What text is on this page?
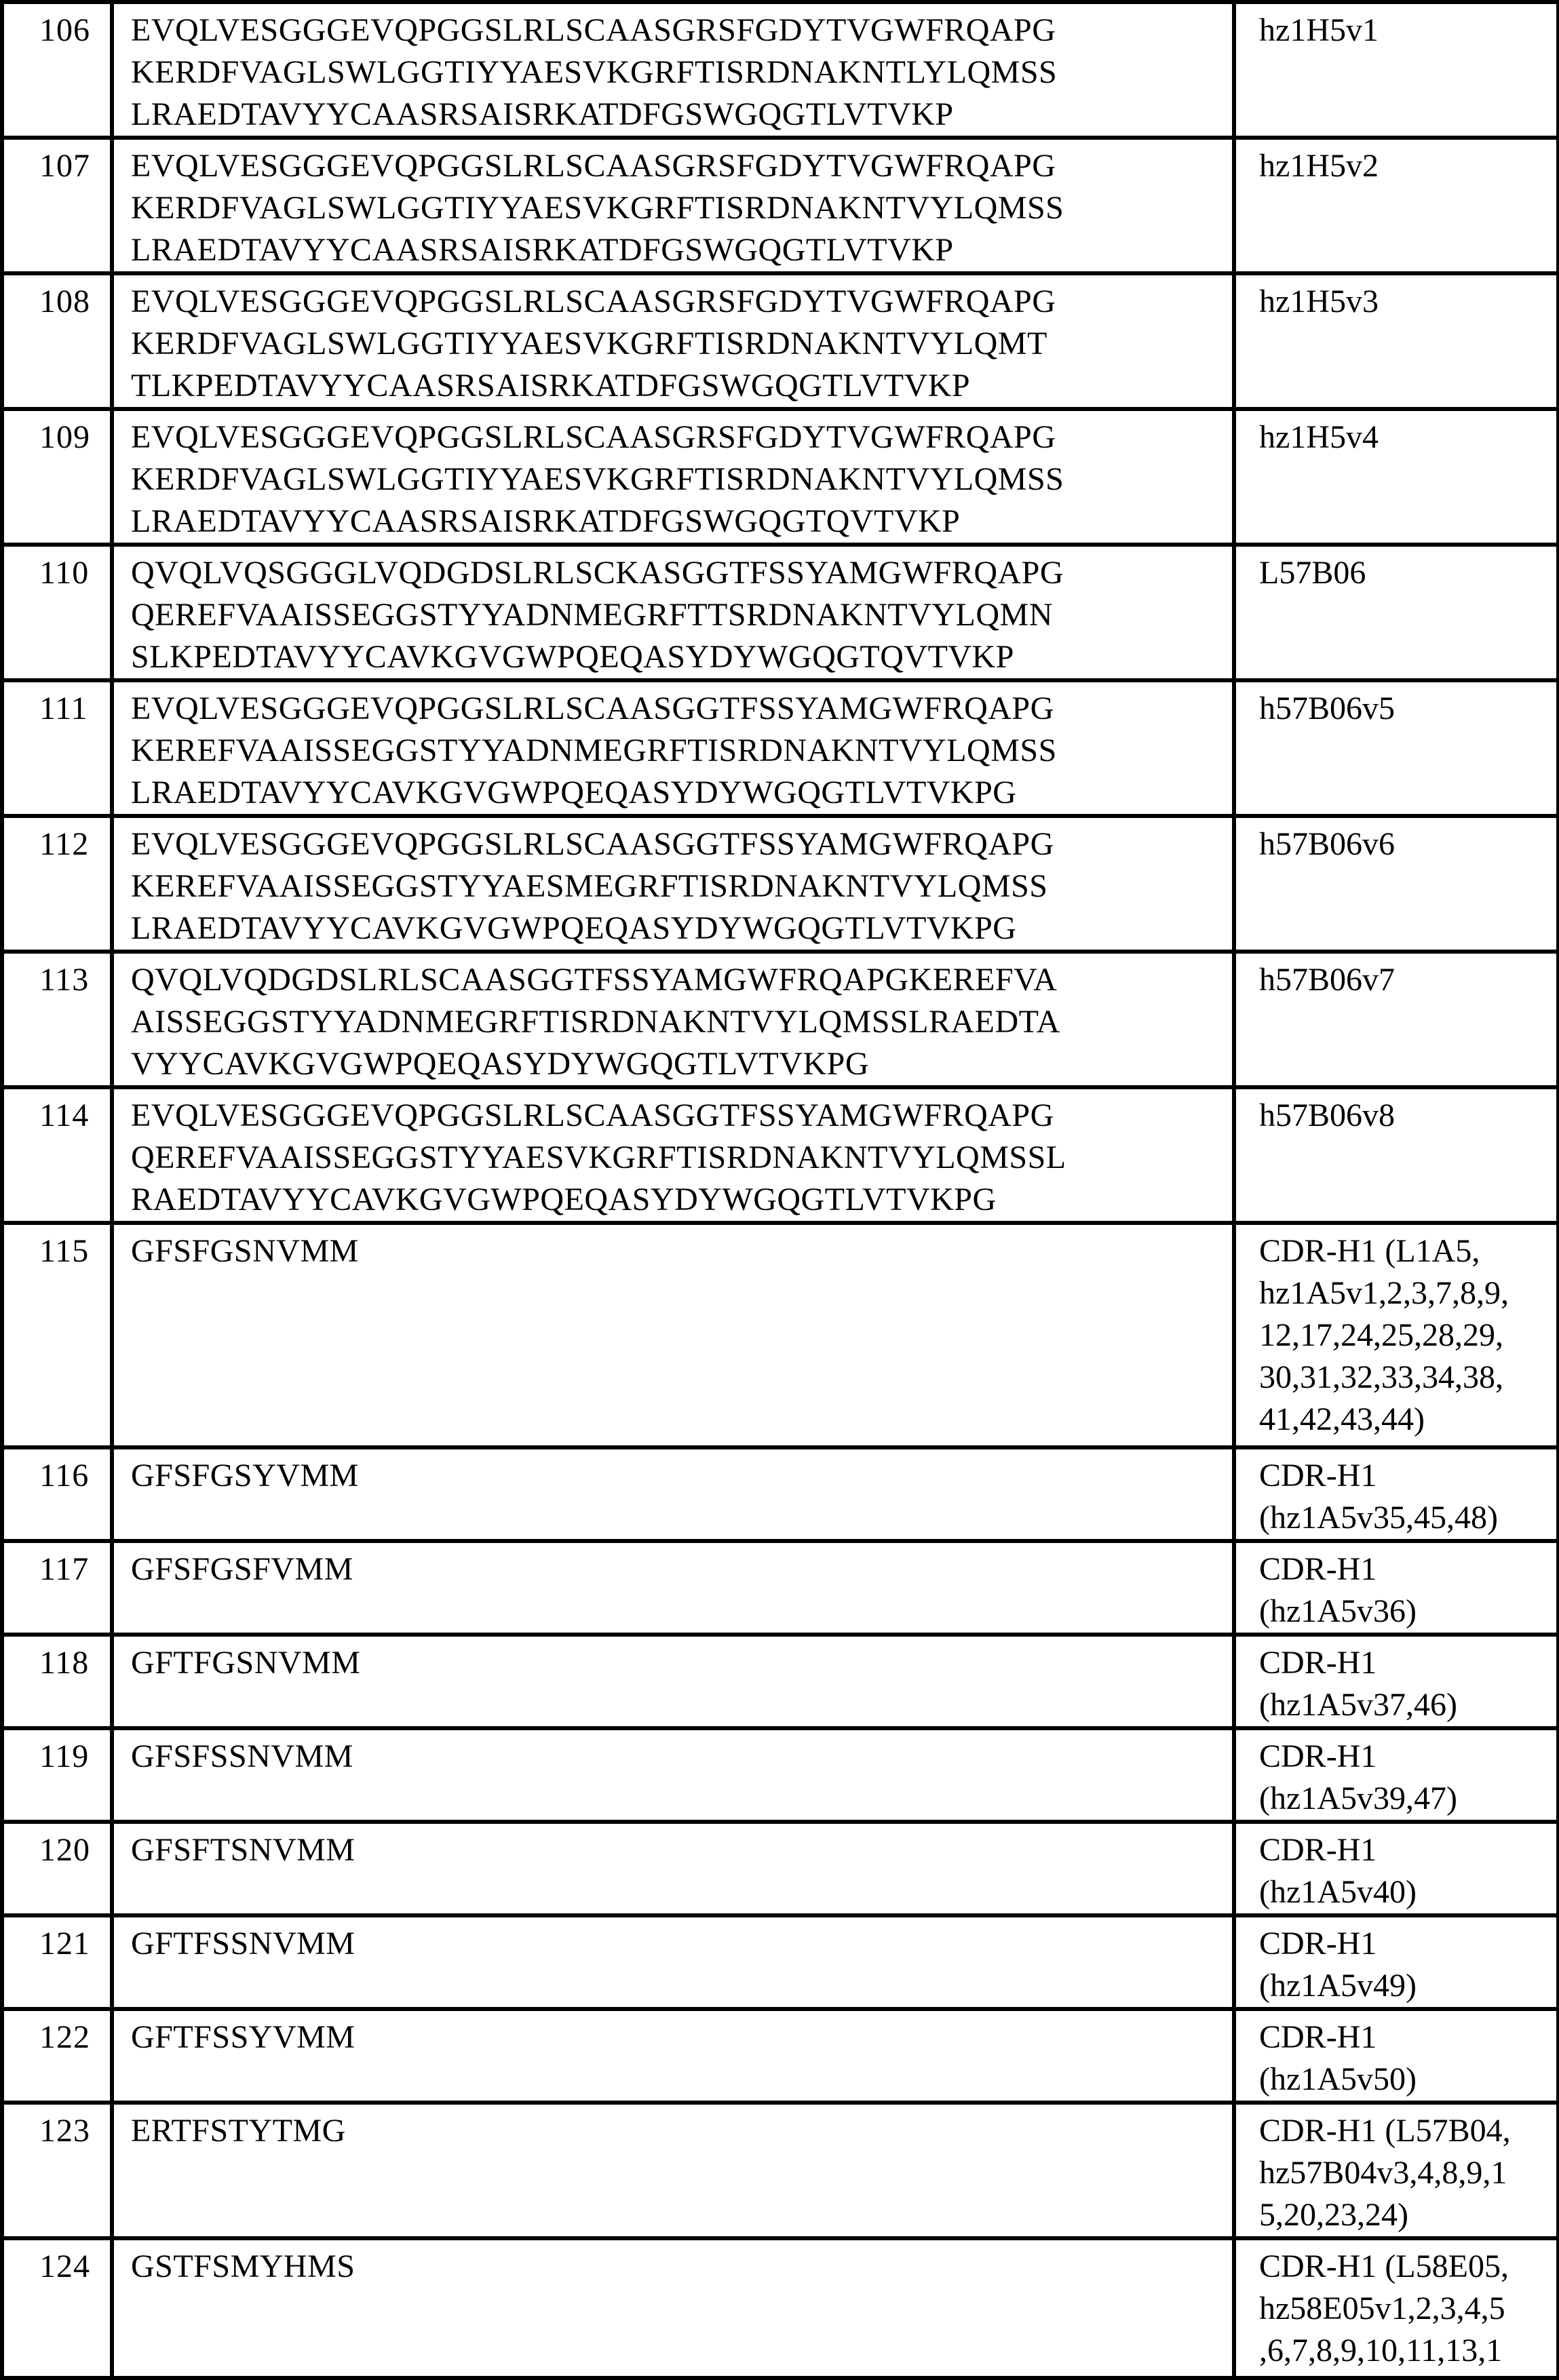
106	EVQLVESGGGEVQPGGSLRLSCAASGRSFGDYTVGWFRQAPG
KERDFVAGLSWLGGTIYYAESVKGRFTISRDNAKNTLYLQMSS
LRAEDTAVYYCAASRSAISRKATDFGSWGQGTLVTVKP	hz1H5v1
107	EVQLVESGGGEVQPGGSLRLSCAASGRSFGDYTVGWFRQAPG
KERDFVAGLSWLGGTIYYAESVKGRFTISRDNAKNTVYLQMSS
LRAEDTAVYYCAASRSAISRKATDFGSWGQGTLVTVKP	hz1H5v2
108	EVQLVESGGGEVQPGGSLRLSCAASGRSFGDYTVGWFRQAPG
KERDFVAGLSWLGGTIYYAESVKGRFTISRDNAKNTVYLQMT
TLKPEDTAVYYCAASRSAISRKATDFGSWGQGTLVTVKP	hz1H5v3
109	EVQLVESGGGEVQPGGSLRLSCAASGRSFGDYTVGWFRQAPG
KERDFVAGLSWLGGTIYYAESVKGRFTISRDNAKNTVYLQMSS
LRAEDTAVYYCAASRSAISRKATDFGSWGQGTQVTVKP	hz1H5v4
110	QVQLVQSGGGLVQDGDSLRLSCKASGGTFSSYAMGWFRQAPG
QEREFVAAISSEGGSTYYADNMEGRFTTSRDNAKNTVYLQMN
SLKPEDTAVYYCAVKGVGWPQEQASYDYWGQGTQVTVKP	L57B06
111	EVQLVESGGGEVQPGGSLRLSCAASGGTFSSYAMGWFRQAPG
KEREFVAAISSEGGSTYYADNMEGRFTISRDNAKNTVYLQMSS
LRAEDTAVYYCAVKGVGWPQEQASYDYWGQGTLVTVKPG	h57B06v5
112	EVQLVESGGGEVQPGGSLRLSCAASGGTFSSYAMGWFRQAPG
KEREFVAAISSEGGSTYYAESMEGRFTISRDNAKNTVYLQMSS
LRAEDTAVYYCAVKGVGWPQEQASYDYWGQGTLVTVKPG	h57B06v6
113	QVQLVQDGDSLRLSCAASGGTFSSYAMGWFRQAPGKEREFVA
AISSEGGSTYYADNMEGRFTISRDNAKNTVYLQMSSLRAEDTA
VYYCAVKGVGWPQEQASYDYWGQGTLVTVKPG	h57B06v7
114	EVQLVESGGGEVQPGGSLRLSCAASGGTFSSYAMGWFRQAPG
QEREFVAAISSEGGSTYYAESVKGRFTISRDNAKNTVYLQMSSL
RAEDTAVYYCAVKGVGWPQEQASYDYWGQGTLVTVKPG	h57B06v8
115	GFSFGSNVMM	CDR-H1 (L1A5,
hz1A5v1,2,3,7,8,9,
12,17,24,25,28,29,
30,31,32,33,34,38,
41,42,43,44)
116	GFSFGSYVMM	CDR-H1
(hz1A5v35,45,48)
117	GFSFGSFVMM	CDR-H1
(hz1A5v36)
118	GFTFGSNVMM	CDR-H1
(hz1A5v37,46)
119	GFSFSSNVMM	CDR-H1
(hz1A5v39,47)
120	GFSFTSNVMM	CDR-H1
(hz1A5v40)
121	GFTFSSNVMM	CDR-H1
(hz1A5v49)
122	GFTFSSYVMM	CDR-H1
(hz1A5v50)
123	ERTFSTYTMG	CDR-H1 (L57B04,
hz57B04v3,4,8,9,1
5,20,23,24)
124	GSTFSMYHMS	CDR-H1 (L58E05,
hz58E05v1,2,3,4,5
,6,7,8,9,10,11,13,1
